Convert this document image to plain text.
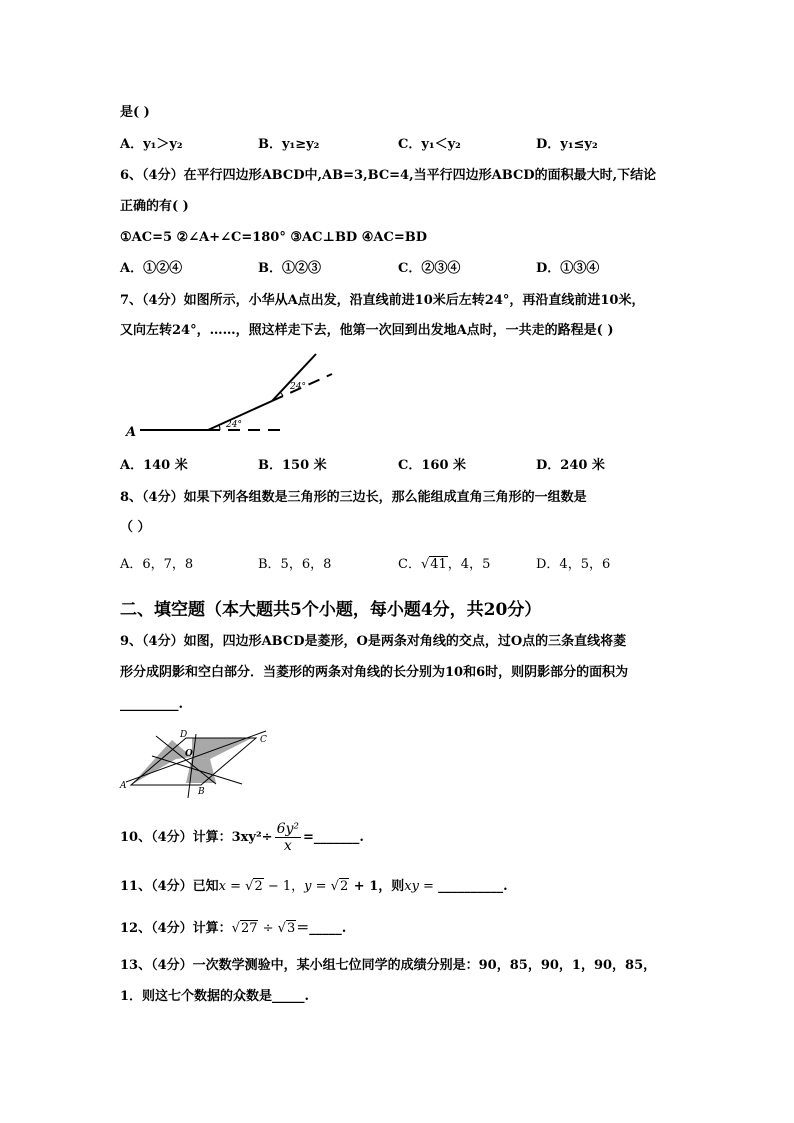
是( )
A．y₁＞y₂	B．y₁≥y₂	C．y₁＜y₂	D．y₁≤y₂
6、（4分）在平行四边形ABCD中,AB=3,BC=4,当平行四边形ABCD的面积最大时,下结论
正确的有( )
①AC=5 ②∠A+∠C=180° ③AC⊥BD ④AC=BD
A．①②④	B．①②③	C．②③④	D．①③④
7、（4分）如图所示，小华从A点出发，沿直线前进10米后左转24°，再沿直线前进10米，
又向左转24°，……，照这样走下去，他第一次回到出发地A点时，一共走的路程是( )
A	24°
24°
A．140 米	B．150 米	C．160 米	D．240 米
8、（4分）如果下列各组数是三角形的三边长，那么能组成直角三角形的一组数是
（ ）
A．6，7，8	B．5，6，8	C．√41，4，5	D．4，5，6
二、填空题（本大题共5个小题，每小题4分，共20分）
9、（4分）如图，四边形ABCD是菱形，O是两条对角线的交点，过O点的三条直线将菱
形分成阴影和空白部分．当菱形的两条对角线的长分别为10和6时，则阴影部分的面积为
_________.
D	C
O
A
B
10、（4分）计算：$3xy^2\div \frac{\text{6y²}}{x}$ =_______.
11、（4分）已知x = √2 − 1，y = √2 + 1，则xy = __________.
12、（4分）计算：√27 ÷ √3＝_____.
13、（4分）一次数学测验中，某小组七位同学的成绩分别是：90，85，90，1，90，85，
1．则这七个数据的众数是_____.
